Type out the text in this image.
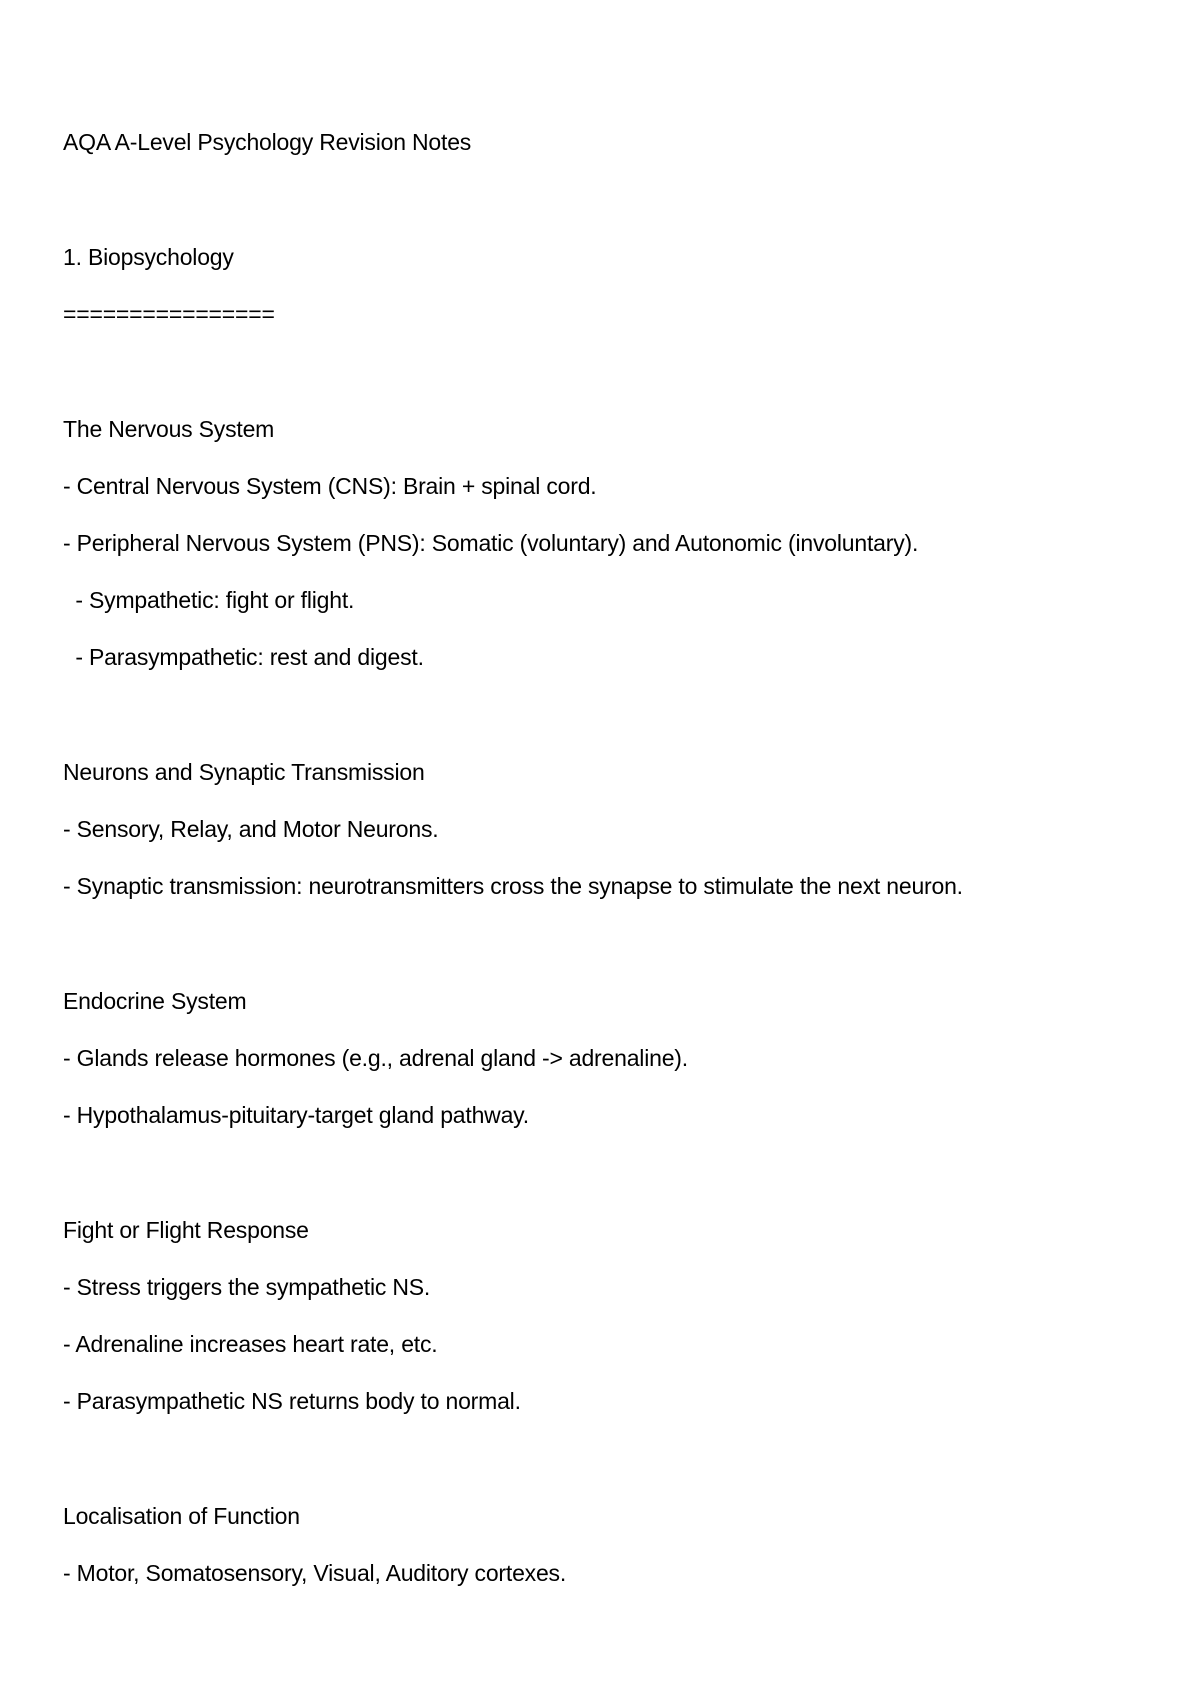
AQA A-Level Psychology Revision Notes
1. Biopsychology
================
The Nervous System
- Central Nervous System (CNS): Brain + spinal cord.
- Peripheral Nervous System (PNS): Somatic (voluntary) and Autonomic (involuntary).
- Sympathetic: fight or flight.
- Parasympathetic: rest and digest.
Neurons and Synaptic Transmission
- Sensory, Relay, and Motor Neurons.
- Synaptic transmission: neurotransmitters cross the synapse to stimulate the next neuron.
Endocrine System
- Glands release hormones (e.g., adrenal gland -> adrenaline).
- Hypothalamus-pituitary-target gland pathway.
Fight or Flight Response
- Stress triggers the sympathetic NS.
- Adrenaline increases heart rate, etc.
- Parasympathetic NS returns body to normal.
Localisation of Function
- Motor, Somatosensory, Visual, Auditory cortexes.
